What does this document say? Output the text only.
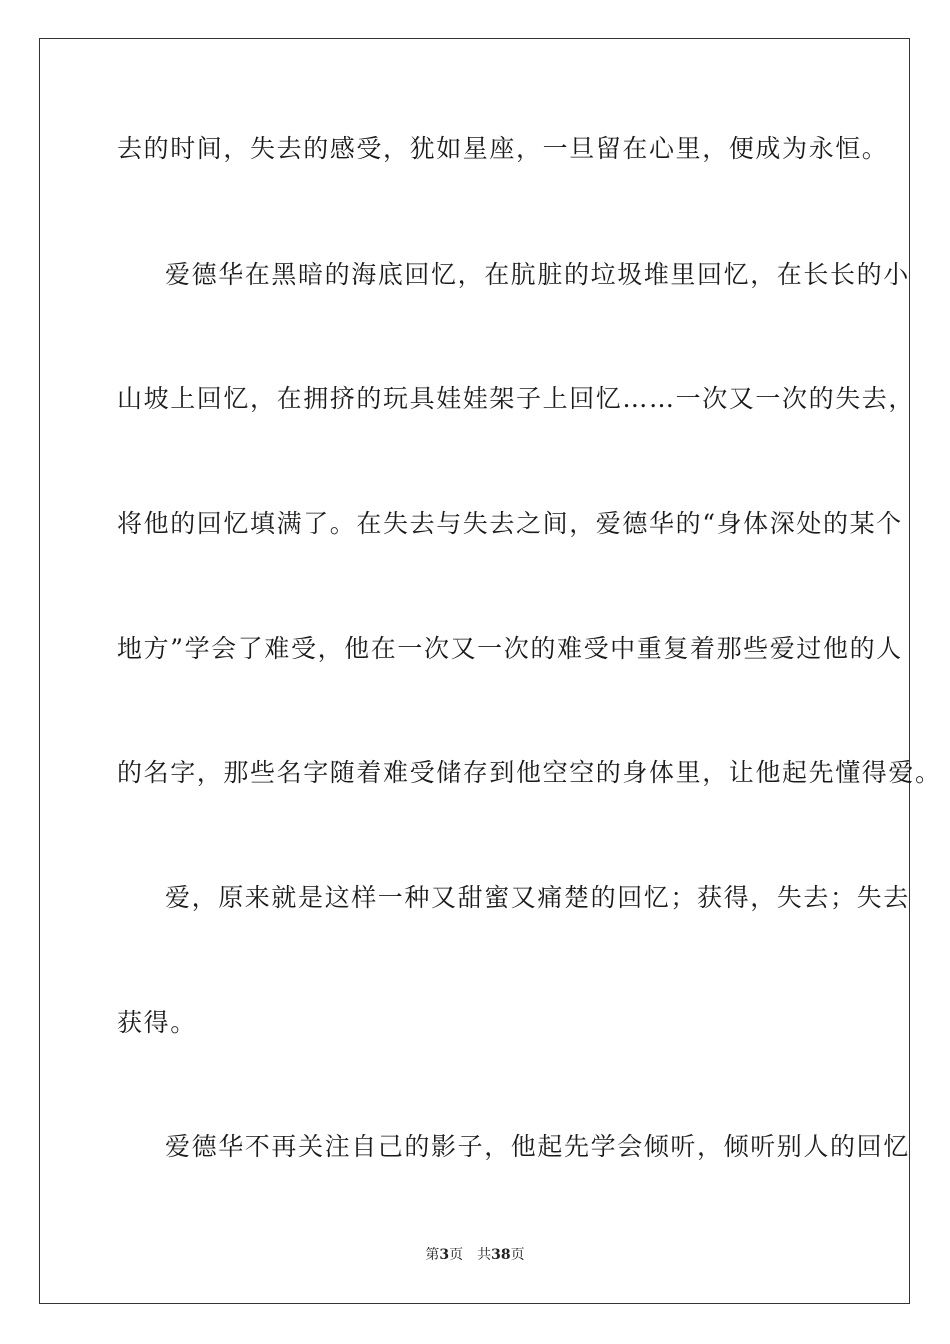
去的时间，失去的感受，犹如星座，一旦留在心里，便成为永恒。
爱德华在黑暗的海底回忆，在肮脏的垃圾堆里回忆，在长长的小
山坡上回忆，在拥挤的玩具娃娃架子上回忆……一次又一次的失去，
将他的回忆填满了。在失去与失去之间，爱德华的“身体深处的某个
地方”学会了难受，他在一次又一次的难受中重复着那些爱过他的人
的名字，那些名字随着难受储存到他空空的身体里，让他起先懂得爱。
爱，原来就是这样一种又甜蜜又痛楚的回忆；获得，失去；失去
获得。
爱德华不再关注自己的影子，他起先学会倾听，倾听别人的回忆
第3页 共38页
